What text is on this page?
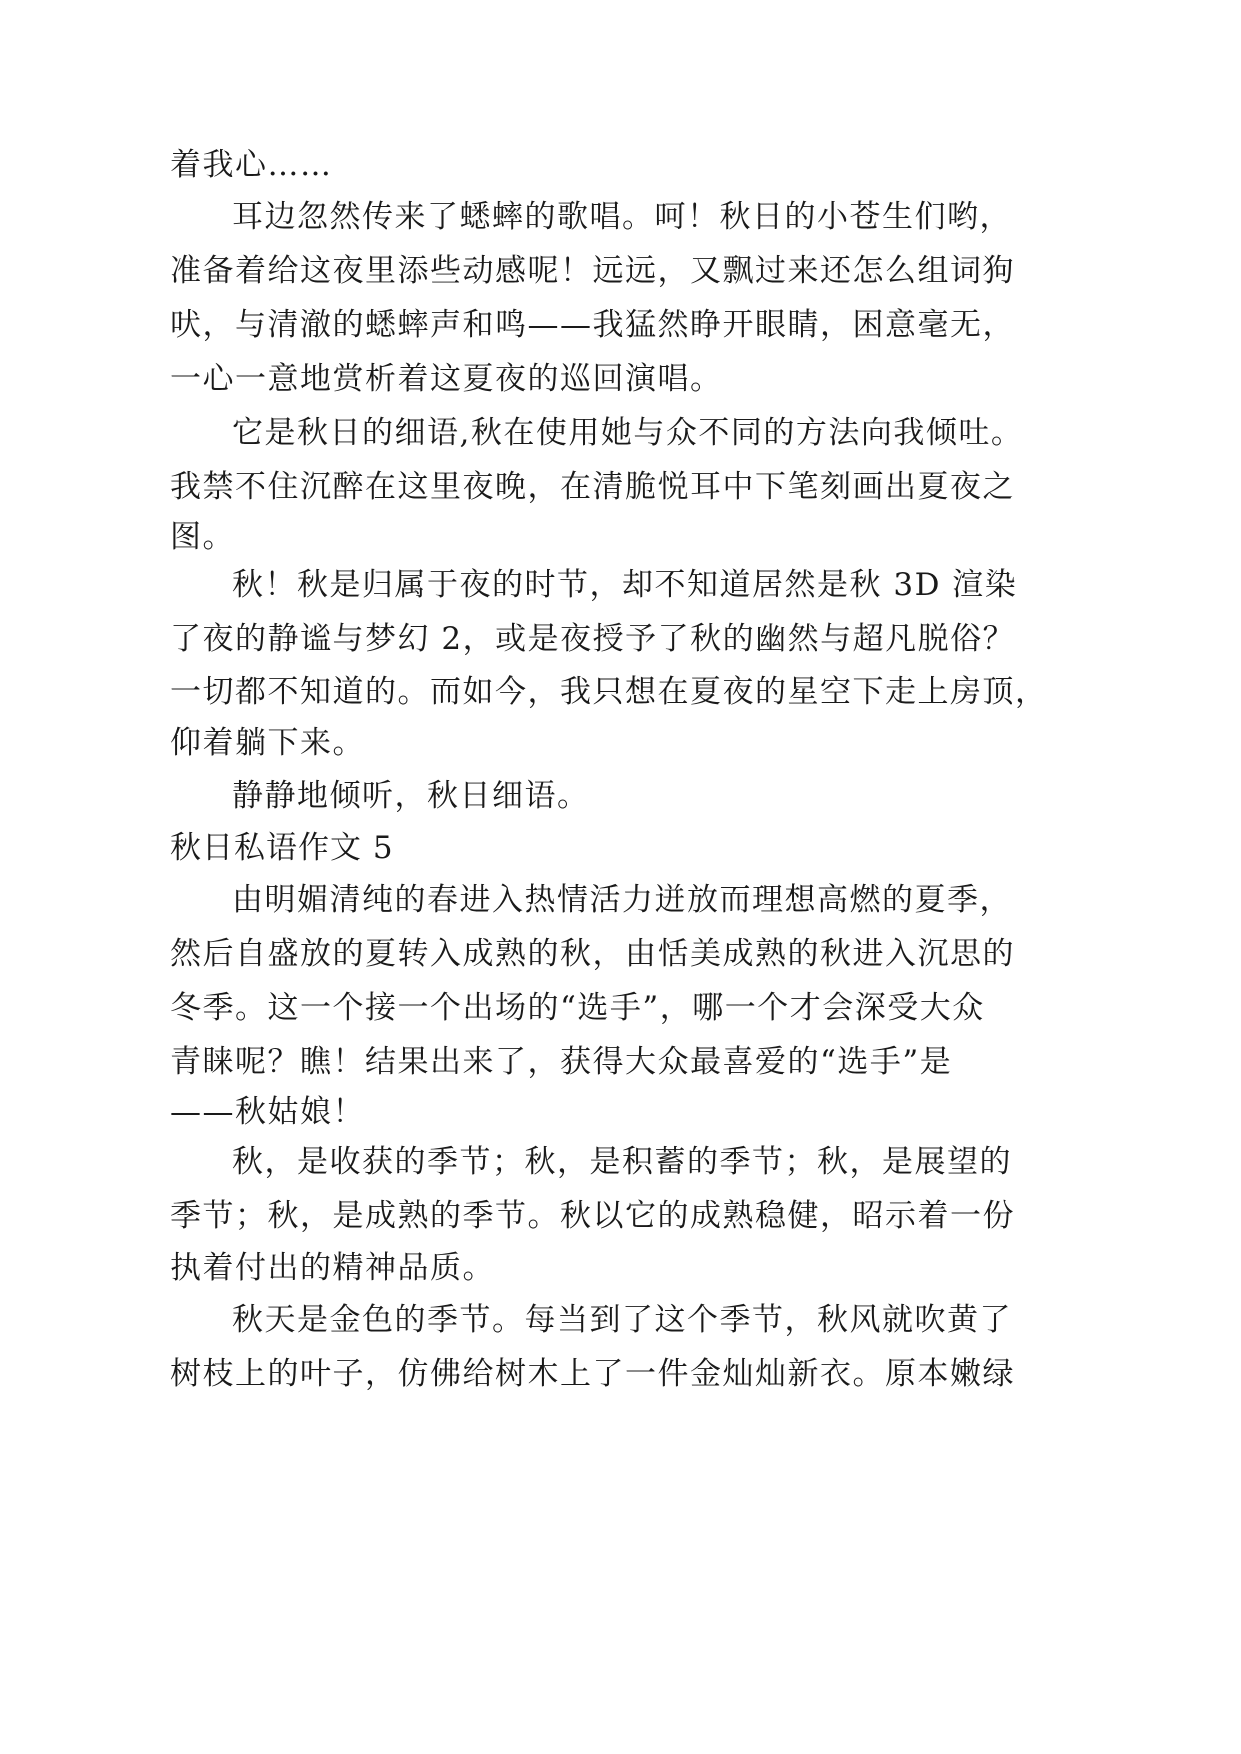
着我心……
耳边忽然传来了蟋蟀的歌唱。呵！秋日的小苍生们哟，
准备着给这夜里添些动感呢！远远，又飘过来还怎么组词狗
吠，与清澈的蟋蟀声和鸣——我猛然睁开眼睛，困意毫无，
一心一意地赏析着这夏夜的巡回演唱。
它是秋日的细语,秋在使用她与众不同的方法向我倾吐。
我禁不住沉醉在这里夜晚，在清脆悦耳中下笔刻画出夏夜之
图。
秋！秋是归属于夜的时节，却不知道居然是秋 3D 渲染
了夜的静谧与梦幻 2，或是夜授予了秋的幽然与超凡脱俗？
一切都不知道的。而如今，我只想在夏夜的星空下走上房顶，
仰着躺下来。
静静地倾听，秋日细语。
秋日私语作文 5
由明媚清纯的春进入热情活力迸放而理想高燃的夏季，
然后自盛放的夏转入成熟的秋，由恬美成熟的秋进入沉思的
冬季。这一个接一个出场的“选手”，哪一个才会深受大众
青睐呢？瞧！结果出来了，获得大众最喜爱的“选手”是
——秋姑娘！
秋，是收获的季节；秋，是积蓄的季节；秋，是展望的
季节；秋，是成熟的季节。秋以它的成熟稳健，昭示着一份
执着付出的精神品质。
秋天是金色的季节。每当到了这个季节，秋风就吹黄了
树枝上的叶子，仿佛给树木上了一件金灿灿新衣。原本嫩绿
